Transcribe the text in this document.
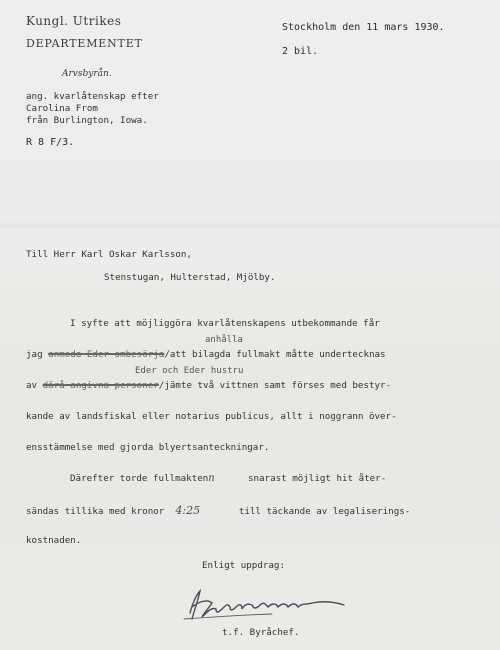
Kungl. Utrikes
DEPARTEMENTET
Arvsbyrån.
Stockholm den 11 mars 1930.
2 bil.
ang. kvarlåtenskap efter
Carolina From
från Burlington, Iowa.
R 8 F/3.
Till Herr Karl Oskar Karlsson,
Stenstugan, Hulterstad, Mjölby.
I syfte att möjliggöra kvarlåtenskapens utbekommande får
anhålla
jag anmoda Eder ombesörja/att bilagda fullmakt måtte undertecknas
Eder och Eder hustru
av därå angivna personer/jämte två vittnen samt förses med bestyr-
kande av landsfiskal eller notarius publicus, allt i noggrann över-
ensstämmelse med gjorda blyertsanteckningar.
Därefter torde fullmaktenn	snarast möjligt hit åter-
sändas tillika med kronor 4:25	till täckande av legaliserings-
kostnaden.
Enligt uppdrag:
t.f. Byråchef.
